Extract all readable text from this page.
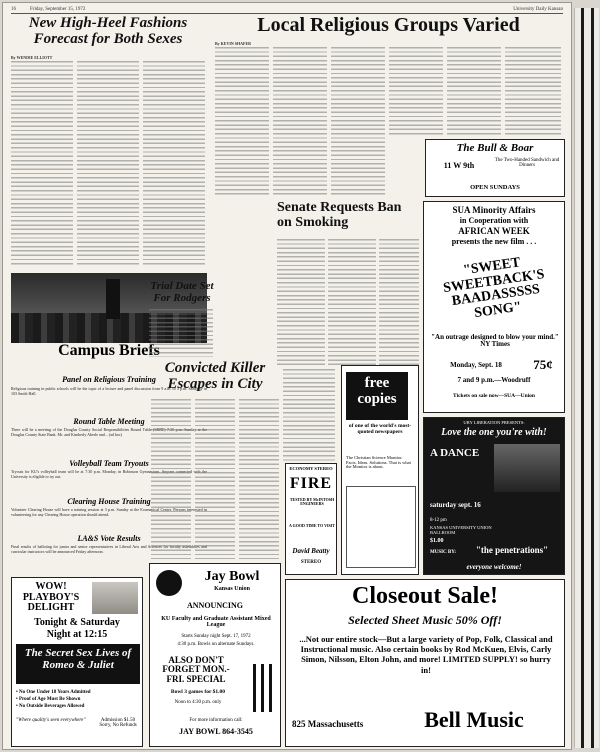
16	Friday, September 15, 1972	University Daily Kansan
New High-Heel Fashions Forecast for Both Sexes
By WENDIE ELLIOTT
Local Religious Groups Varied
By KEVIN SHAFER
The Bull & Boar
11 W 9th
The Two-Handed Sandwich and Dinners
OPEN SUNDAYS
Campus Briefs
Panel on Religious Training
Religious training in public schools will be the topic of a lecture and panel discussion from 9 a.m. to 3 p.m. Saturday in 103 Smith Hall.
Round Table Meeting
There will be a meeting of the Douglas County Social Responsibilities Round Table (SRRT) 7:30 p.m. Sunday at the Douglas County State Bank. Mr. and Kimberly Aberle and... (ad hoc)
Volleyball Team Tryouts
Tryouts for KU's volleyball team will be at 7:30 p.m. Monday, in Robinson Gymnasium. Anyone connected with the University is eligible to try out.
Clearing House Training
Volunteer Clearing House will have a training session at 3 p.m. Sunday at the Ecumenical Center. Persons interested in volunteering for any Clearing House operation should attend.
LA&S Vote Results
Final results of balloting for junior and senior representatives in Liberal Arts and Sciences for faculty assemblies and curricular instructors will be announced Friday afternoon.
Trial Date Set For Rodgers
Senate Requests Ban on Smoking
SUA Minority Affairs
in Cooperation with
AFRICAN WEEK
presents the new film . . .
"SWEET SWEETBACK'S BAADASSSSS SONG"
"An outrage designed to blow your mind." NY Times
Monday, Sept. 18	75¢
7 and 9 p.m.—Woodruff
Tickets on sale now—SUA—Union
Convicted Killer Escapes in City	free copies
of one of the world's most-quoted newspapers
The Christian Science Monitor. Facts. Ideas. Solutions. That is what the Monitor is about.
ECONOMY STEREO
FIRE
TESTED BY McINTOSH ENGINEERS
A GOOD TIME TO VISIT
David Beatty
STEREO
UBY LIBERATION PRESENTS:
Love the one you're with!
A DANCE
saturday sept. 16
8-12 pm
KANSAS UNIVERSITY UNION BALLROOM
$1.00
MUSIC BY:	"the penetrations"
everyone welcome!
WOW! PLAYBOY'S DELIGHT
Tonight & Saturday
Night at 12:15
The Secret Sex Lives of Romeo & Juliet
• No One Under 18 Years Admitted
• Proof of Age Must Be Shown
• No Outside Beverages Allowed
"Where quality's seen everywhere"	Admission $1.50 Sorry, No Refunds
Jay Bowl
Kansas Union
ANNOUNCING
KU Faculty and Graduate Assistant Mixed League
Starts Sunday night Sept. 17, 1972
4:30 p.m. Bowls on alternate Sundays.
ALSO DON'T FORGET MON.-FRI. SPECIAL
Bowl 3 games for $1.00
Noon to 4:30 p.m. only
For more information call:
JAY BOWL 864-3545
Closeout Sale!
Selected Sheet Music 50% Off!
...Not our entire stock—But a large variety of Pop, Folk, Classical and Instructional music. Also certain books by Rod McKuen, Elvis, Carly Simon, Nilsson, Elton John, and more! LIMITED SUPPLY! so hurry in!
825 Massachusetts	Bell Music
